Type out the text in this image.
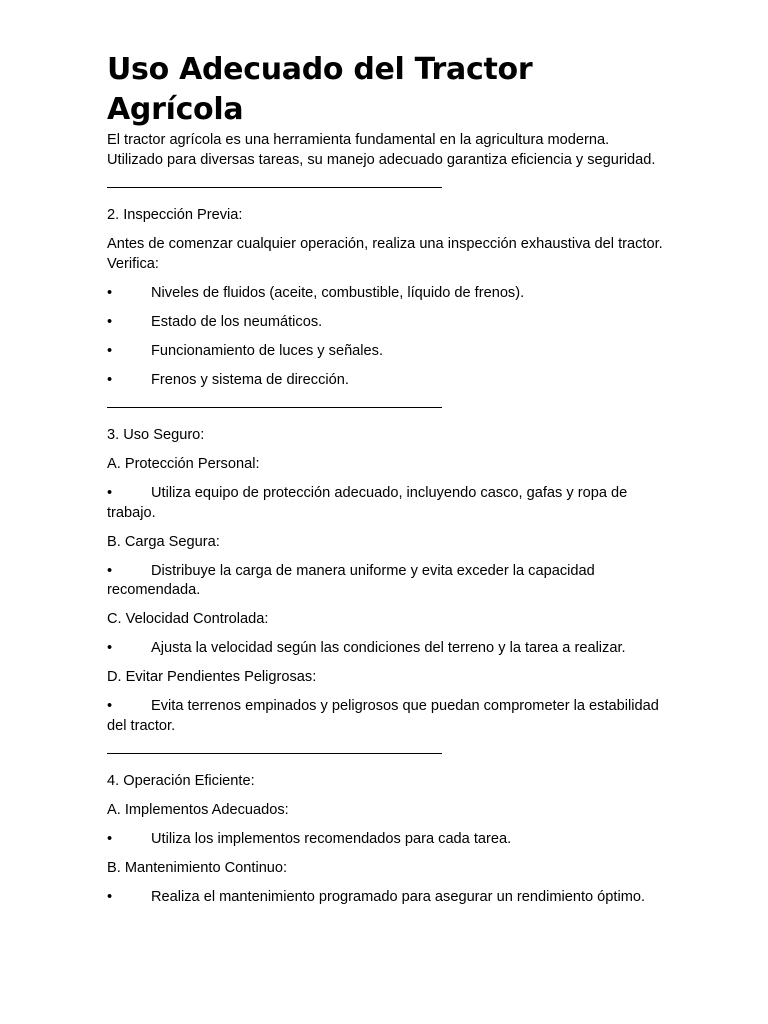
Uso Adecuado del Tractor Agrícola

El tractor agrícola es una herramienta fundamental en la agricultura moderna. Utilizado para diversas tareas, su manejo adecuado garantiza eficiencia y seguridad.

2. Inspección Previa:

Antes de comenzar cualquier operación, realiza una inspección exhaustiva del tractor. Verifica:

•	Niveles de fluidos (aceite, combustible, líquido de frenos).

•	Estado de los neumáticos.

•	Funcionamiento de luces y señales.

•	Frenos y sistema de dirección.

3. Uso Seguro:

A. Protección Personal:

•	Utiliza equipo de protección adecuado, incluyendo casco, gafas y ropa de trabajo.

B. Carga Segura:

•	Distribuye la carga de manera uniforme y evita exceder la capacidad recomendada.

C. Velocidad Controlada:

•	Ajusta la velocidad según las condiciones del terreno y la tarea a realizar.

D. Evitar Pendientes Peligrosas:

•	Evita terrenos empinados y peligrosos que puedan comprometer la estabilidad del tractor.

4. Operación Eficiente:

A. Implementos Adecuados:

•	Utiliza los implementos recomendados para cada tarea.

B. Mantenimiento Continuo:

•	Realiza el mantenimiento programado para asegurar un rendimiento óptimo.
